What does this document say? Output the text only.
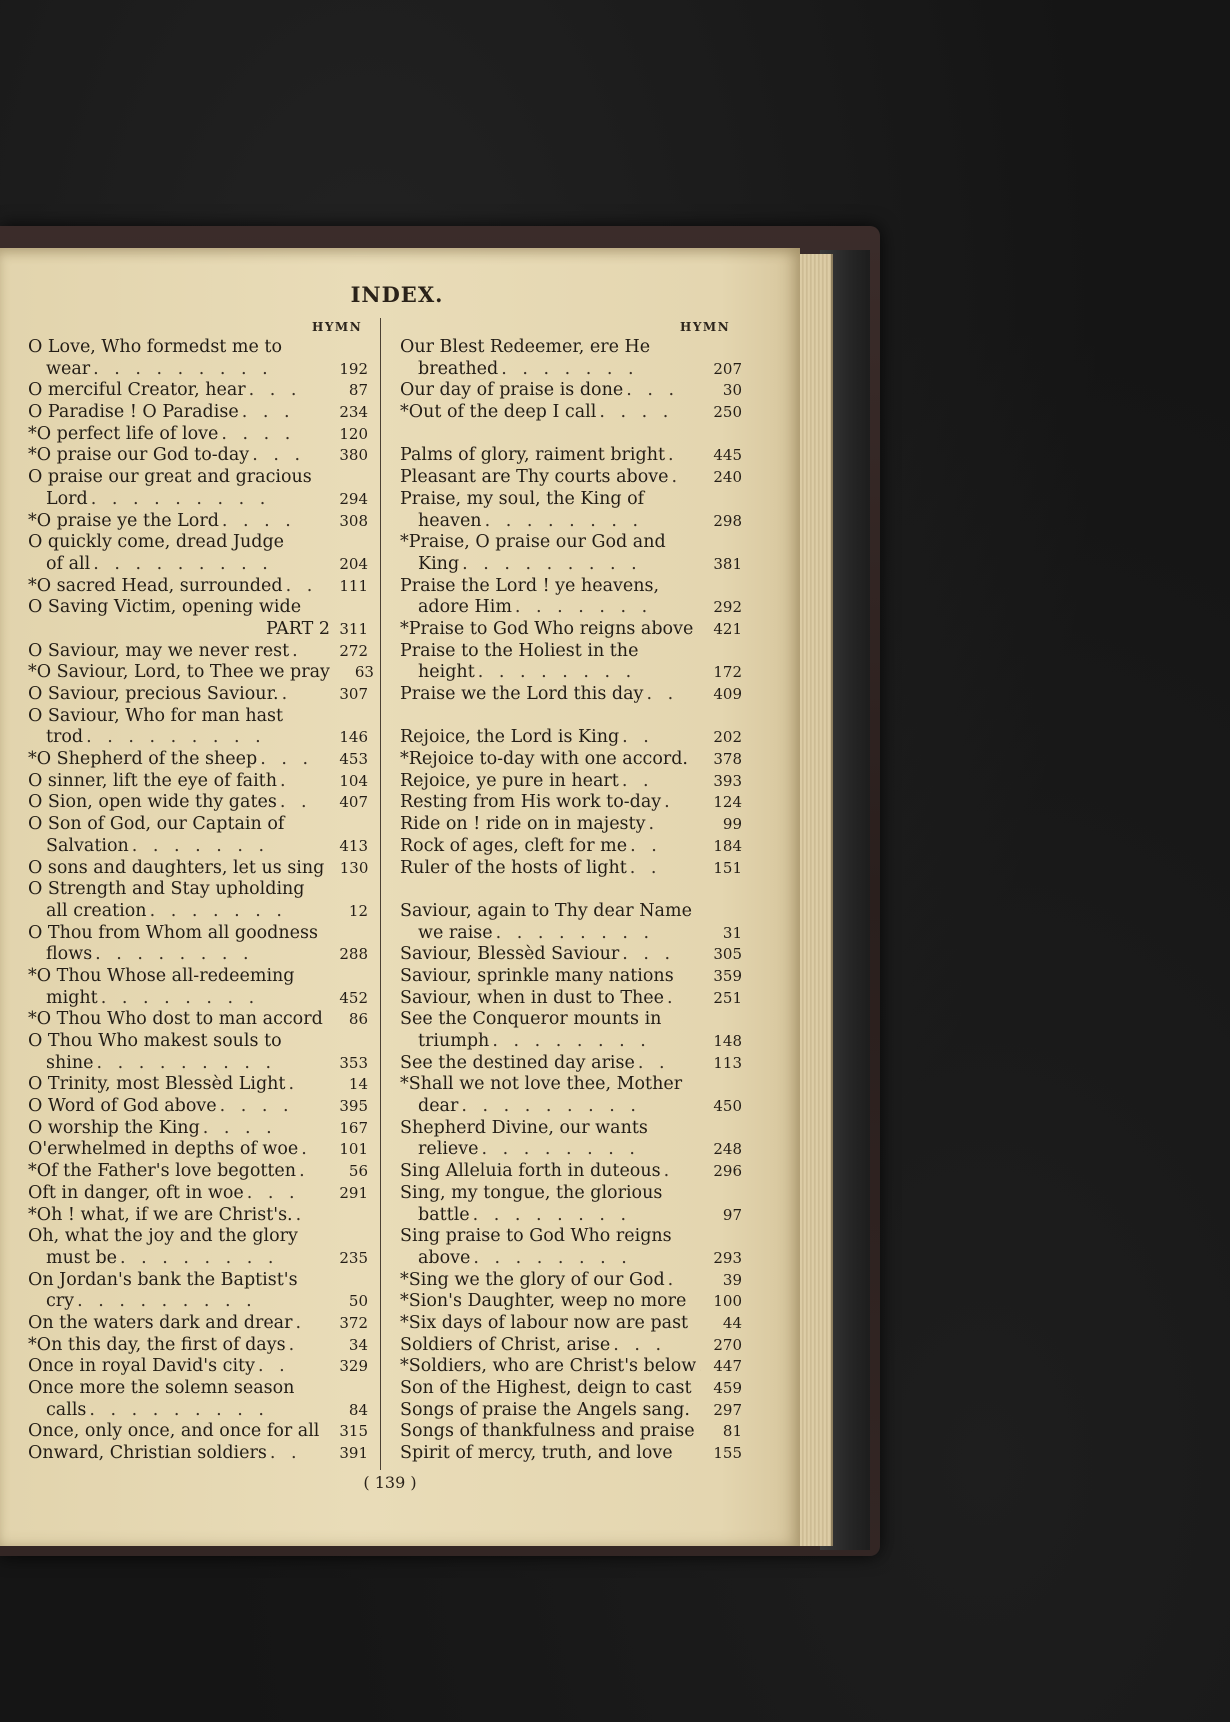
INDEX.
HYMN	HYMN
O Love, Who formedst me to
wear . . . . . . . . .	192
O merciful Creator, hear . . .	87
O Paradise ! O Paradise . . .	234
*O perfect life of love . . . .	120
*O praise our God to-day . . .	380
O praise our great and gracious
Lord . . . . . . . . .	294
*O praise ye the Lord . . . .	308
O quickly come, dread Judge
of all . . . . . . . . .	204
*O sacred Head, surrounded . .	111
O Saving Victim, opening wide
PART 2 311
O Saviour, may we never rest .	272
*O Saviour, Lord, to Thee we pray	63
O Saviour, precious Saviour. .	307
O Saviour, Who for man hast
trod . . . . . . . . .	146
*O Shepherd of the sheep . . .	453
O sinner, lift the eye of faith .	104
O Sion, open wide thy gates . .	407
O Son of God, our Captain of
Salvation . . . . . . .	413
O sons and daughters, let us sing	130
O Strength and Stay upholding
all creation . . . . . . .	12
O Thou from Whom all goodness
flows . . . . . . . .	288
*O Thou Whose all-redeeming
might . . . . . . . .	452
*O Thou Who dost to man accord	86
O Thou Who makest souls to
shine . . . . . . . . .	353
O Trinity, most Blessèd Light .	14
O Word of God above . . . .	395
O worship the King . . . .	167
O'erwhelmed in depths of woe .	101
*Of the Father's love begotten .	56
Oft in danger, oft in woe . . .	291
*Oh ! what, if we are Christ's. .
Oh, what the joy and the glory
must be . . . . . . . .	235
On Jordan's bank the Baptist's
cry . . . . . . . . .	50
On the waters dark and drear .	372
*On this day, the first of days .	34
Once in royal David's city . .	329
Once more the solemn season
calls . . . . . . . . .	84
Once, only once, and once for all	315
Onward, Christian soldiers . .	391
Our Blest Redeemer, ere He
breathed . . . . . . .	207
Our day of praise is done . . .	30
*Out of the deep I call . . . .	250
Palms of glory, raiment bright .	445
Pleasant are Thy courts above .	240
Praise, my soul, the King of
heaven . . . . . . . .	298
*Praise, O praise our God and
King . . . . . . . . .	381
Praise the Lord ! ye heavens,
adore Him . . . . . . .	292
*Praise to God Who reigns above	421
Praise to the Holiest in the
height . . . . . . . .	172
Praise we the Lord this day . .	409
Rejoice, the Lord is King . .	202
*Rejoice to-day with one accord.	378
Rejoice, ye pure in heart . .	393
Resting from His work to-day .	124
Ride on ! ride on in majesty .	99
Rock of ages, cleft for me . .	184
Ruler of the hosts of light . .	151
Saviour, again to Thy dear Name
we raise . . . . . . . .	31
Saviour, Blessèd Saviour . . .	305
Saviour, sprinkle many nations	359
Saviour, when in dust to Thee .	251
See the Conqueror mounts in
triumph . . . . . . . .	148
See the destined day arise . .	113
*Shall we not love thee, Mother
dear . . . . . . . . .	450
Shepherd Divine, our wants
relieve . . . . . . . .	248
Sing Alleluia forth in duteous .	296
Sing, my tongue, the glorious
battle . . . . . . . .	97
Sing praise to God Who reigns
above . . . . . . . .	293
*Sing we the glory of our God .	39
*Sion's Daughter, weep no more	100
*Six days of labour now are past	44
Soldiers of Christ, arise . . .	270
*Soldiers, who are Christ's below	447
Son of the Highest, deign to cast	459
Songs of praise the Angels sang.	297
Songs of thankfulness and praise	81
Spirit of mercy, truth, and love	155
( 139 )
